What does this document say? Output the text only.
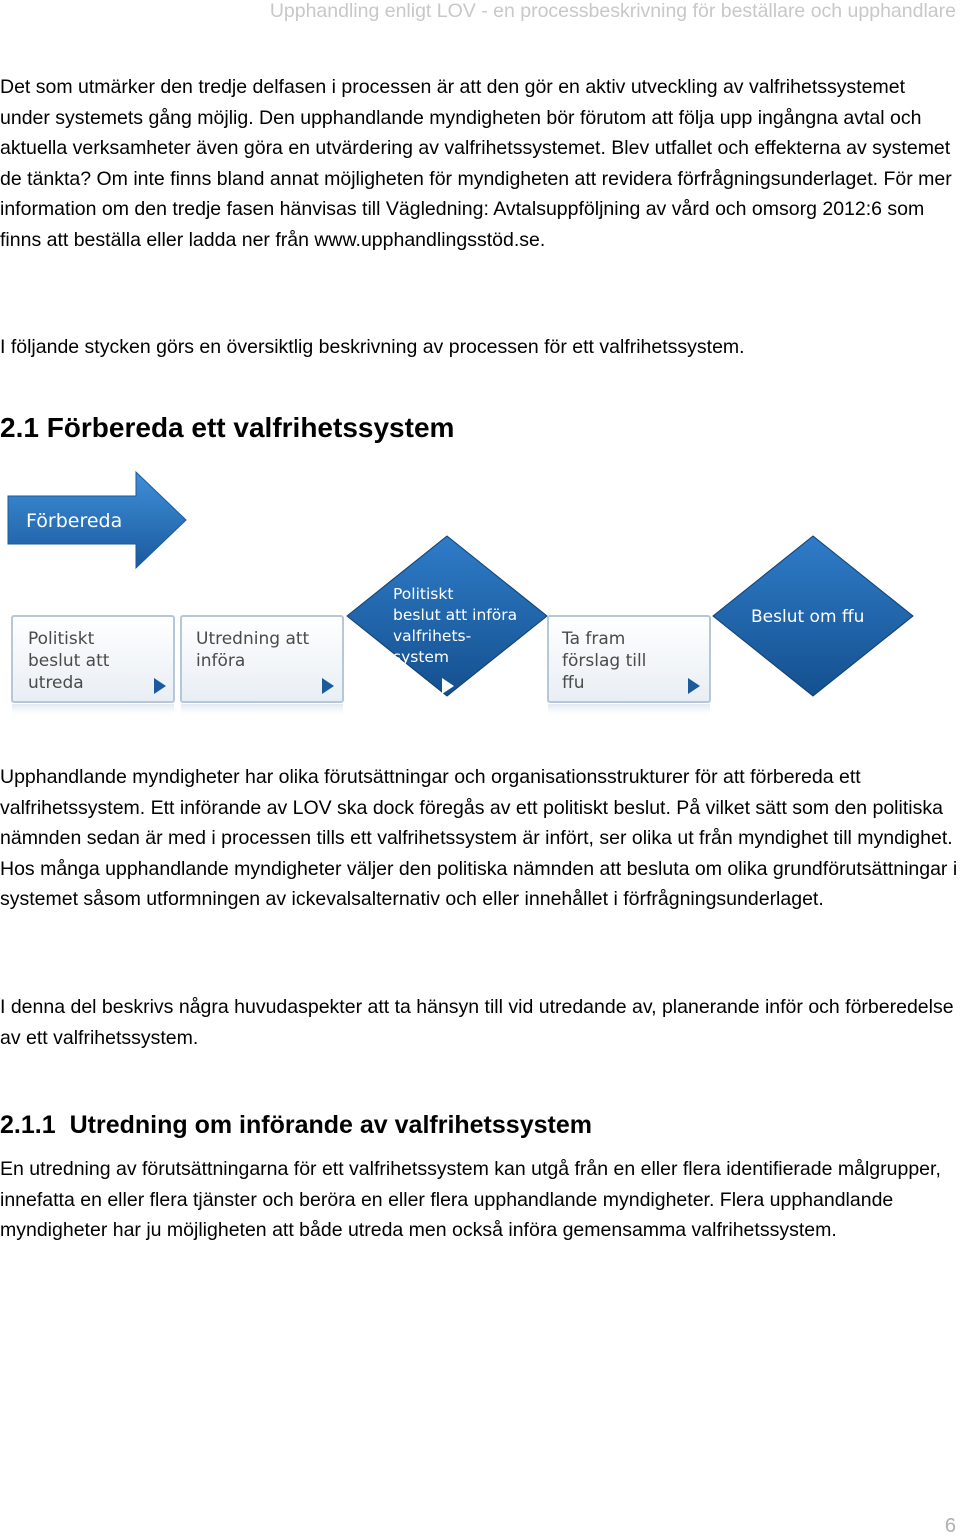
Upphandling enligt LOV - en processbeskrivning för beställare och upphandlare

Det som utmärker den tredje delfasen i processen är att den gör en aktiv utveckling av valfrihetssystemet under systemets gång möjlig. Den upphandlande myndigheten bör förutom att följa upp ingångna avtal och aktuella verksamheter även göra en utvärdering av valfrihetssystemet. Blev utfallet och effekterna av systemet de tänkta? Om inte finns bland annat möjligheten för myndigheten att revidera förfrågningsunderlaget. För mer information om den tredje fasen hänvisas till Vägledning: Avtalsuppföljning av vård och omsorg 2012:6 som finns att beställa eller ladda ner från www.upphandlingsstöd.se.

I följande stycken görs en översiktlig beskrivning av processen för ett valfrihetssystem.

2.1 Förbereda ett valfrihetssystem
Förbereda
Politiskt beslut att utreda
Utredning att införa
Politiskt beslut att införa valfrihets- system
Ta fram förslag till ffu
Beslut om ffu

Upphandlande myndigheter har olika förutsättningar och organisationsstrukturer för att förbereda ett valfrihetssystem. Ett införande av LOV ska dock föregås av ett politiskt beslut. På vilket sätt som den politiska nämnden sedan är med i processen tills ett valfrihetssystem är infört, ser olika ut från myndighet till myndighet. Hos många upphandlande myndigheter väljer den politiska nämnden att besluta om olika grundförutsättningar i systemet såsom utformningen av ickevalsalternativ och eller innehållet i förfrågningsunderlaget.

I denna del beskrivs några huvudaspekter att ta hänsyn till vid utredande av, planerande inför och förberedelse av ett valfrihetssystem.

2.1.1 Utredning om införande av valfrihetssystem

En utredning av förutsättningarna för ett valfrihetssystem kan utgå från en eller flera identifierade målgrupper, innefatta en eller flera tjänster och beröra en eller flera upphandlande myndigheter. Flera upphandlande myndigheter har ju möjligheten att både utreda men också införa gemensamma valfrihetssystem.

6
